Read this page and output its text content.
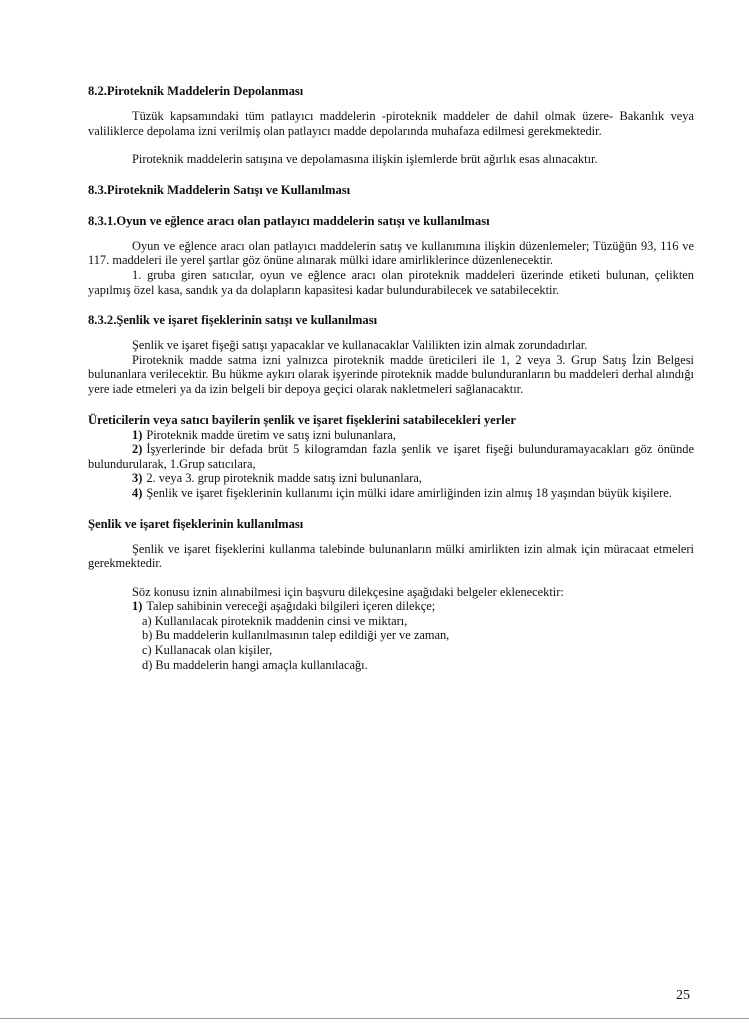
8.2.Piroteknik Maddelerin Depolanması

Tüzük kapsamındaki tüm patlayıcı maddelerin -piroteknik maddeler de dahil olmak üzere- Bakanlık veya valiliklerce depolama izni verilmiş olan patlayıcı madde depolarında muhafaza edilmesi gerekmektedir.

Piroteknik maddelerin satışına ve depolamasına ilişkin işlemlerde brüt ağırlık esas alınacaktır.

8.3.Piroteknik Maddelerin Satışı ve Kullanılması
8.3.1.Oyun ve eğlence aracı olan patlayıcı maddelerin satışı ve kullanılması

Oyun ve eğlence aracı olan patlayıcı maddelerin satış ve kullanımına ilişkin düzenlemeler; Tüzüğün 93, 116 ve 117. maddeleri ile yerel şartlar göz önüne alınarak mülki idare amirliklerince düzenlenecektir.

1. gruba giren satıcılar, oyun ve eğlence aracı olan piroteknik maddeleri üzerinde etiketi bulunan, çelikten yapılmış özel kasa, sandık ya da dolapların kapasitesi kadar bulundurabilecek ve satabilecektir.

8.3.2.Şenlik ve işaret fişeklerinin satışı ve kullanılması

Şenlik ve işaret fişeği satışı yapacaklar ve kullanacaklar Valilikten izin almak zorundadırlar.

Piroteknik madde satma izni yalnızca piroteknik madde üreticileri ile 1, 2 veya 3. Grup Satış İzin Belgesi bulunanlara verilecektir. Bu hükme aykırı olarak işyerinde piroteknik madde bulunduranların bu maddeleri derhal alındığı yere iade etmeleri ya da izin belgeli bir depoya geçici olarak nakletmeleri sağlanacaktır.

Üreticilerin veya satıcı bayilerin şenlik ve işaret fişeklerini satabilecekleri yerler
1) Piroteknik madde üretim ve satış izni bulunanlara,
2) İşyerlerinde bir defada brüt 5 kilogramdan fazla şenlik ve işaret fişeği bulunduramayacakları göz önünde bulundurularak, 1.Grup satıcılara,
3) 2. veya 3. grup piroteknik madde satış izni bulunanlara,
4) Şenlik ve işaret fişeklerinin kullanımı için mülki idare amirliğinden izin almış 18 yaşından büyük kişilere.
Şenlik ve işaret fişeklerinin kullanılması

Şenlik ve işaret fişeklerini kullanma talebinde bulunanların mülki amirlikten izin almak için müracaat etmeleri gerekmektedir.

Söz konusu iznin alınabilmesi için başvuru dilekçesine aşağıdaki belgeler eklenecektir:

1) Talep sahibinin vereceği aşağıdaki bilgileri içeren dilekçe;
a) Kullanılacak piroteknik maddenin cinsi ve miktarı,
b) Bu maddelerin kullanılmasının talep edildiği yer ve zaman,
c) Kullanacak olan kişiler,
d) Bu maddelerin hangi amaçla kullanılacağı.
25
